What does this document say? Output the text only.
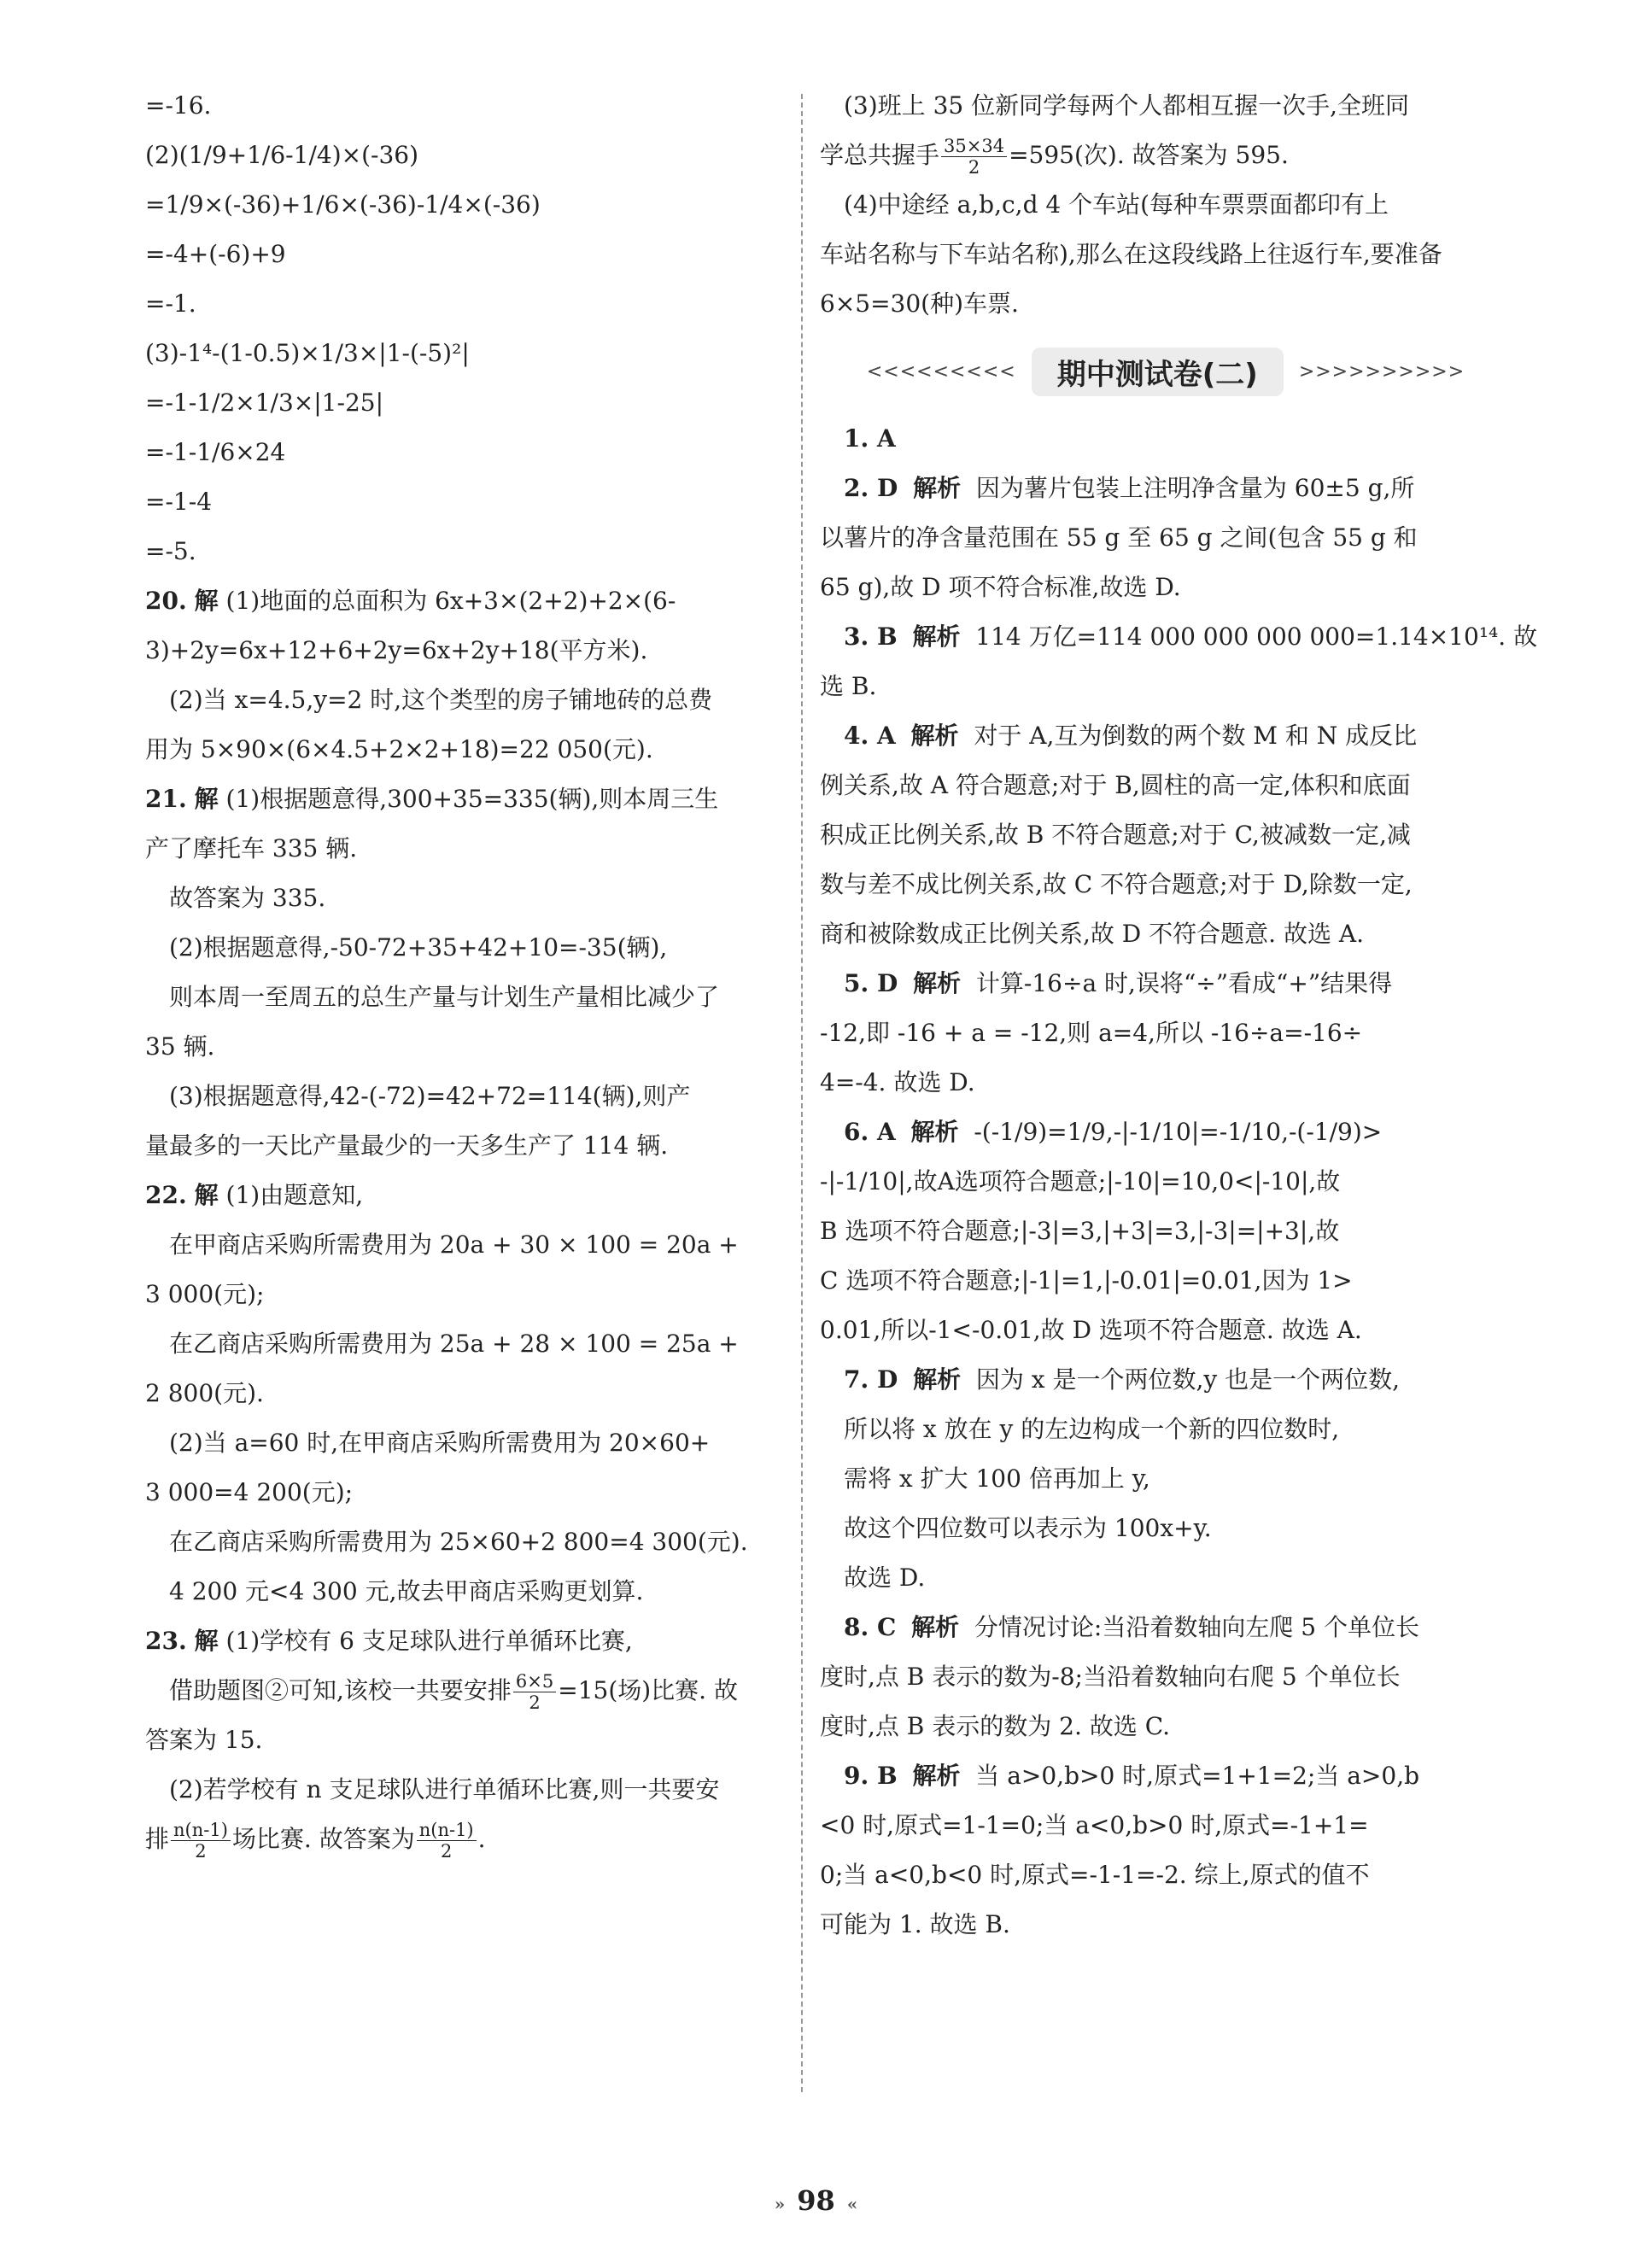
=-16.
(2)(1/9+1/6-1/4)×(-36)
=1/9×(-36)+1/6×(-36)-1/4×(-36)
=-4+(-6)+9
=-1.
(3)-1⁴-(1-0.5)×1/3×|1-(-5)²|
=-1-1/2×1/3×|1-25|
=-1-1/6×24
=-1-4
=-5.
20. 解 (1)地面的总面积为 6x+3×(2+2)+2×(6-
3)+2y=6x+12+6+2y=6x+2y+18(平方米).
(2)当 x=4.5,y=2 时,这个类型的房子铺地砖的总费
用为 5×90×(6×4.5+2×2+18)=22 050(元).
21. 解 (1)根据题意得,300+35=335(辆),则本周三生
产了摩托车 335 辆.
故答案为 335.
(2)根据题意得,-50-72+35+42+10=-35(辆),
则本周一至周五的总生产量与计划生产量相比减少了
35 辆.
(3)根据题意得,42-(-72)=42+72=114(辆),则产
量最多的一天比产量最少的一天多生产了 114 辆.
22. 解 (1)由题意知,
在甲商店采购所需费用为 20a + 30 × 100 = 20a +
3 000(元);
在乙商店采购所需费用为 25a + 28 × 100 = 25a +
2 800(元).
(2)当 a=60 时,在甲商店采购所需费用为 20×60+
3 000=4 200(元);
在乙商店采购所需费用为 25×60+2 800=4 300(元).
4 200 元<4 300 元,故去甲商店采购更划算.
23. 解 (1)学校有 6 支足球队进行单循环比赛,
借助题图②可知,该校一共要安排 $\frac{6\times 5}{2} =15$(场)比赛. 故
答案为 15.
(2)若学校有 n 支足球队进行单循环比赛,则一共要安
排 $\frac{n(n-1)}{2}$ 场比赛. 故答案为 $\frac{n(n-1)}{2}$ .
(3)班上 35 位新同学每两个人都相互握一次手,全班同
学总共握手 $\frac{35\times 34}{2} =595$(次). 故答案为 595.
(4)中途经 a,b,c,d 4 个车站(每种车票票面都印有上
车站名称与下车站名称),那么在这段线路上往返行车,要准备
6×5=30(种)车票.
<<<<<<<<<	期中测试卷(二)	>>>>>>>>>>
1. A
2. D 解析 因为薯片包装上注明净含量为 60±5 g,所
以薯片的净含量范围在 55 g 至 65 g 之间(包含 55 g 和
65 g),故 D 项不符合标准,故选 D.
3. B 解析 114 万亿=114 000 000 000 000=1.14×10¹⁴. 故
选 B.
4. A 解析 对于 A,互为倒数的两个数 M 和 N 成反比
例关系,故 A 符合题意;对于 B,圆柱的高一定,体积和底面
积成正比例关系,故 B 不符合题意;对于 C,被减数一定,减
数与差不成比例关系,故 C 不符合题意;对于 D,除数一定,
商和被除数成正比例关系,故 D 不符合题意. 故选 A.
5. D 解析 计算-16÷a 时,误将“÷”看成“+”结果得
-12,即 -16 + a = -12,则 a=4,所以 -16÷a=-16÷
4=-4. 故选 D.
6. A 解析 -(-1/9)=1/9,-|-1/10|=-1/10,-(-1/9)>
-|-1/10|,故A选项符合题意;|-10|=10,0<|-10|,故
B 选项不符合题意;|-3|=3,|+3|=3,|-3|=|+3|,故
C 选项不符合题意;|-1|=1,|-0.01|=0.01,因为 1>
0.01,所以-1<-0.01,故 D 选项不符合题意. 故选 A.
7. D 解析 因为 x 是一个两位数,y 也是一个两位数,
所以将 x 放在 y 的左边构成一个新的四位数时,
需将 x 扩大 100 倍再加上 y,
故这个四位数可以表示为 100x+y.
故选 D.
8. C 解析 分情况讨论:当沿着数轴向左爬 5 个单位长
度时,点 B 表示的数为-8;当沿着数轴向右爬 5 个单位长
度时,点 B 表示的数为 2. 故选 C.
9. B 解析 当 a>0,b>0 时,原式=1+1=2;当 a>0,b
<0 时,原式=1-1=0;当 a<0,b>0 时,原式=-1+1=
0;当 a<0,b<0 时,原式=-1-1=-2. 综上,原式的值不
可能为 1. 故选 B.
» 98 «
